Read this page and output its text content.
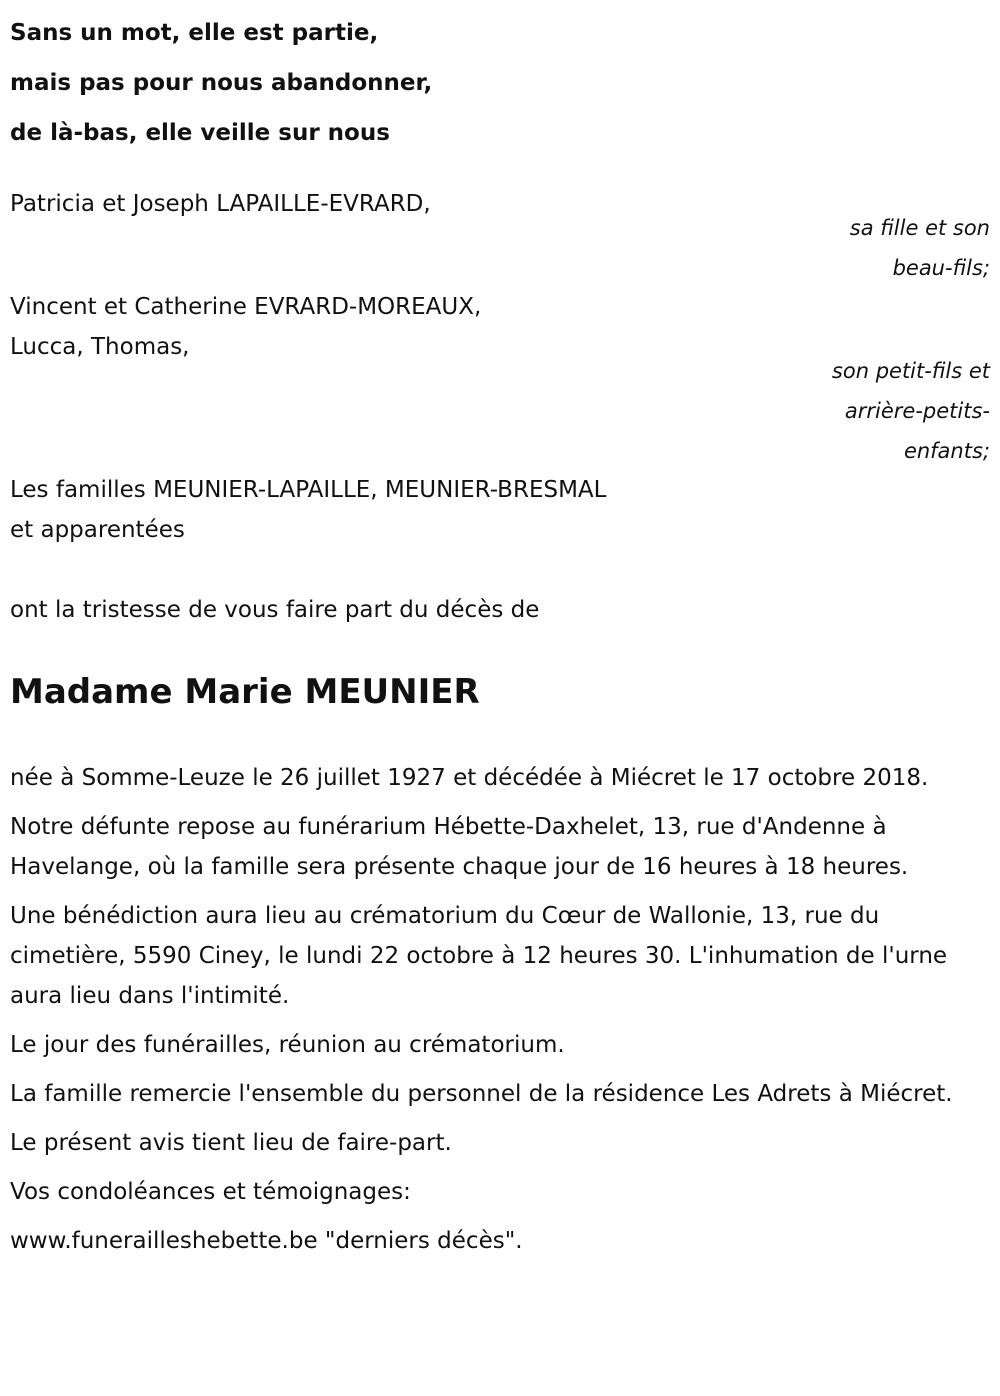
Sans un mot, elle est partie,
mais pas pour nous abandonner,
de là-bas, elle veille sur nous
Patricia et Joseph LAPAILLE-EVRARD,
sa fille et son
beau-fils;
Vincent et Catherine EVRARD-MOREAUX,
Lucca, Thomas,
son petit-fils et
arrière-petits-
enfants;
Les familles MEUNIER-LAPAILLE, MEUNIER-BRESMAL
et apparentées
ont la tristesse de vous faire part du décès de
Madame Marie MEUNIER

née à Somme-Leuze le 26 juillet 1927 et décédée à Miécret le 17 octobre 2018.

Notre défunte repose au funérarium Hébette-Daxhelet, 13, rue d'Andenne à Havelange, où la famille sera présente chaque jour de 16 heures à 18 heures.

Une bénédiction aura lieu au crématorium du Cœur de Wallonie, 13, rue du cimetière, 5590 Ciney, le lundi 22 octobre à 12 heures 30. L'inhumation de l'urne aura lieu dans l'intimité.

Le jour des funérailles, réunion au crématorium.

La famille remercie l'ensemble du personnel de la résidence Les Adrets à Miécret.

Le présent avis tient lieu de faire-part.

Vos condoléances et témoignages:

www.funerailleshebette.be "derniers décès".
